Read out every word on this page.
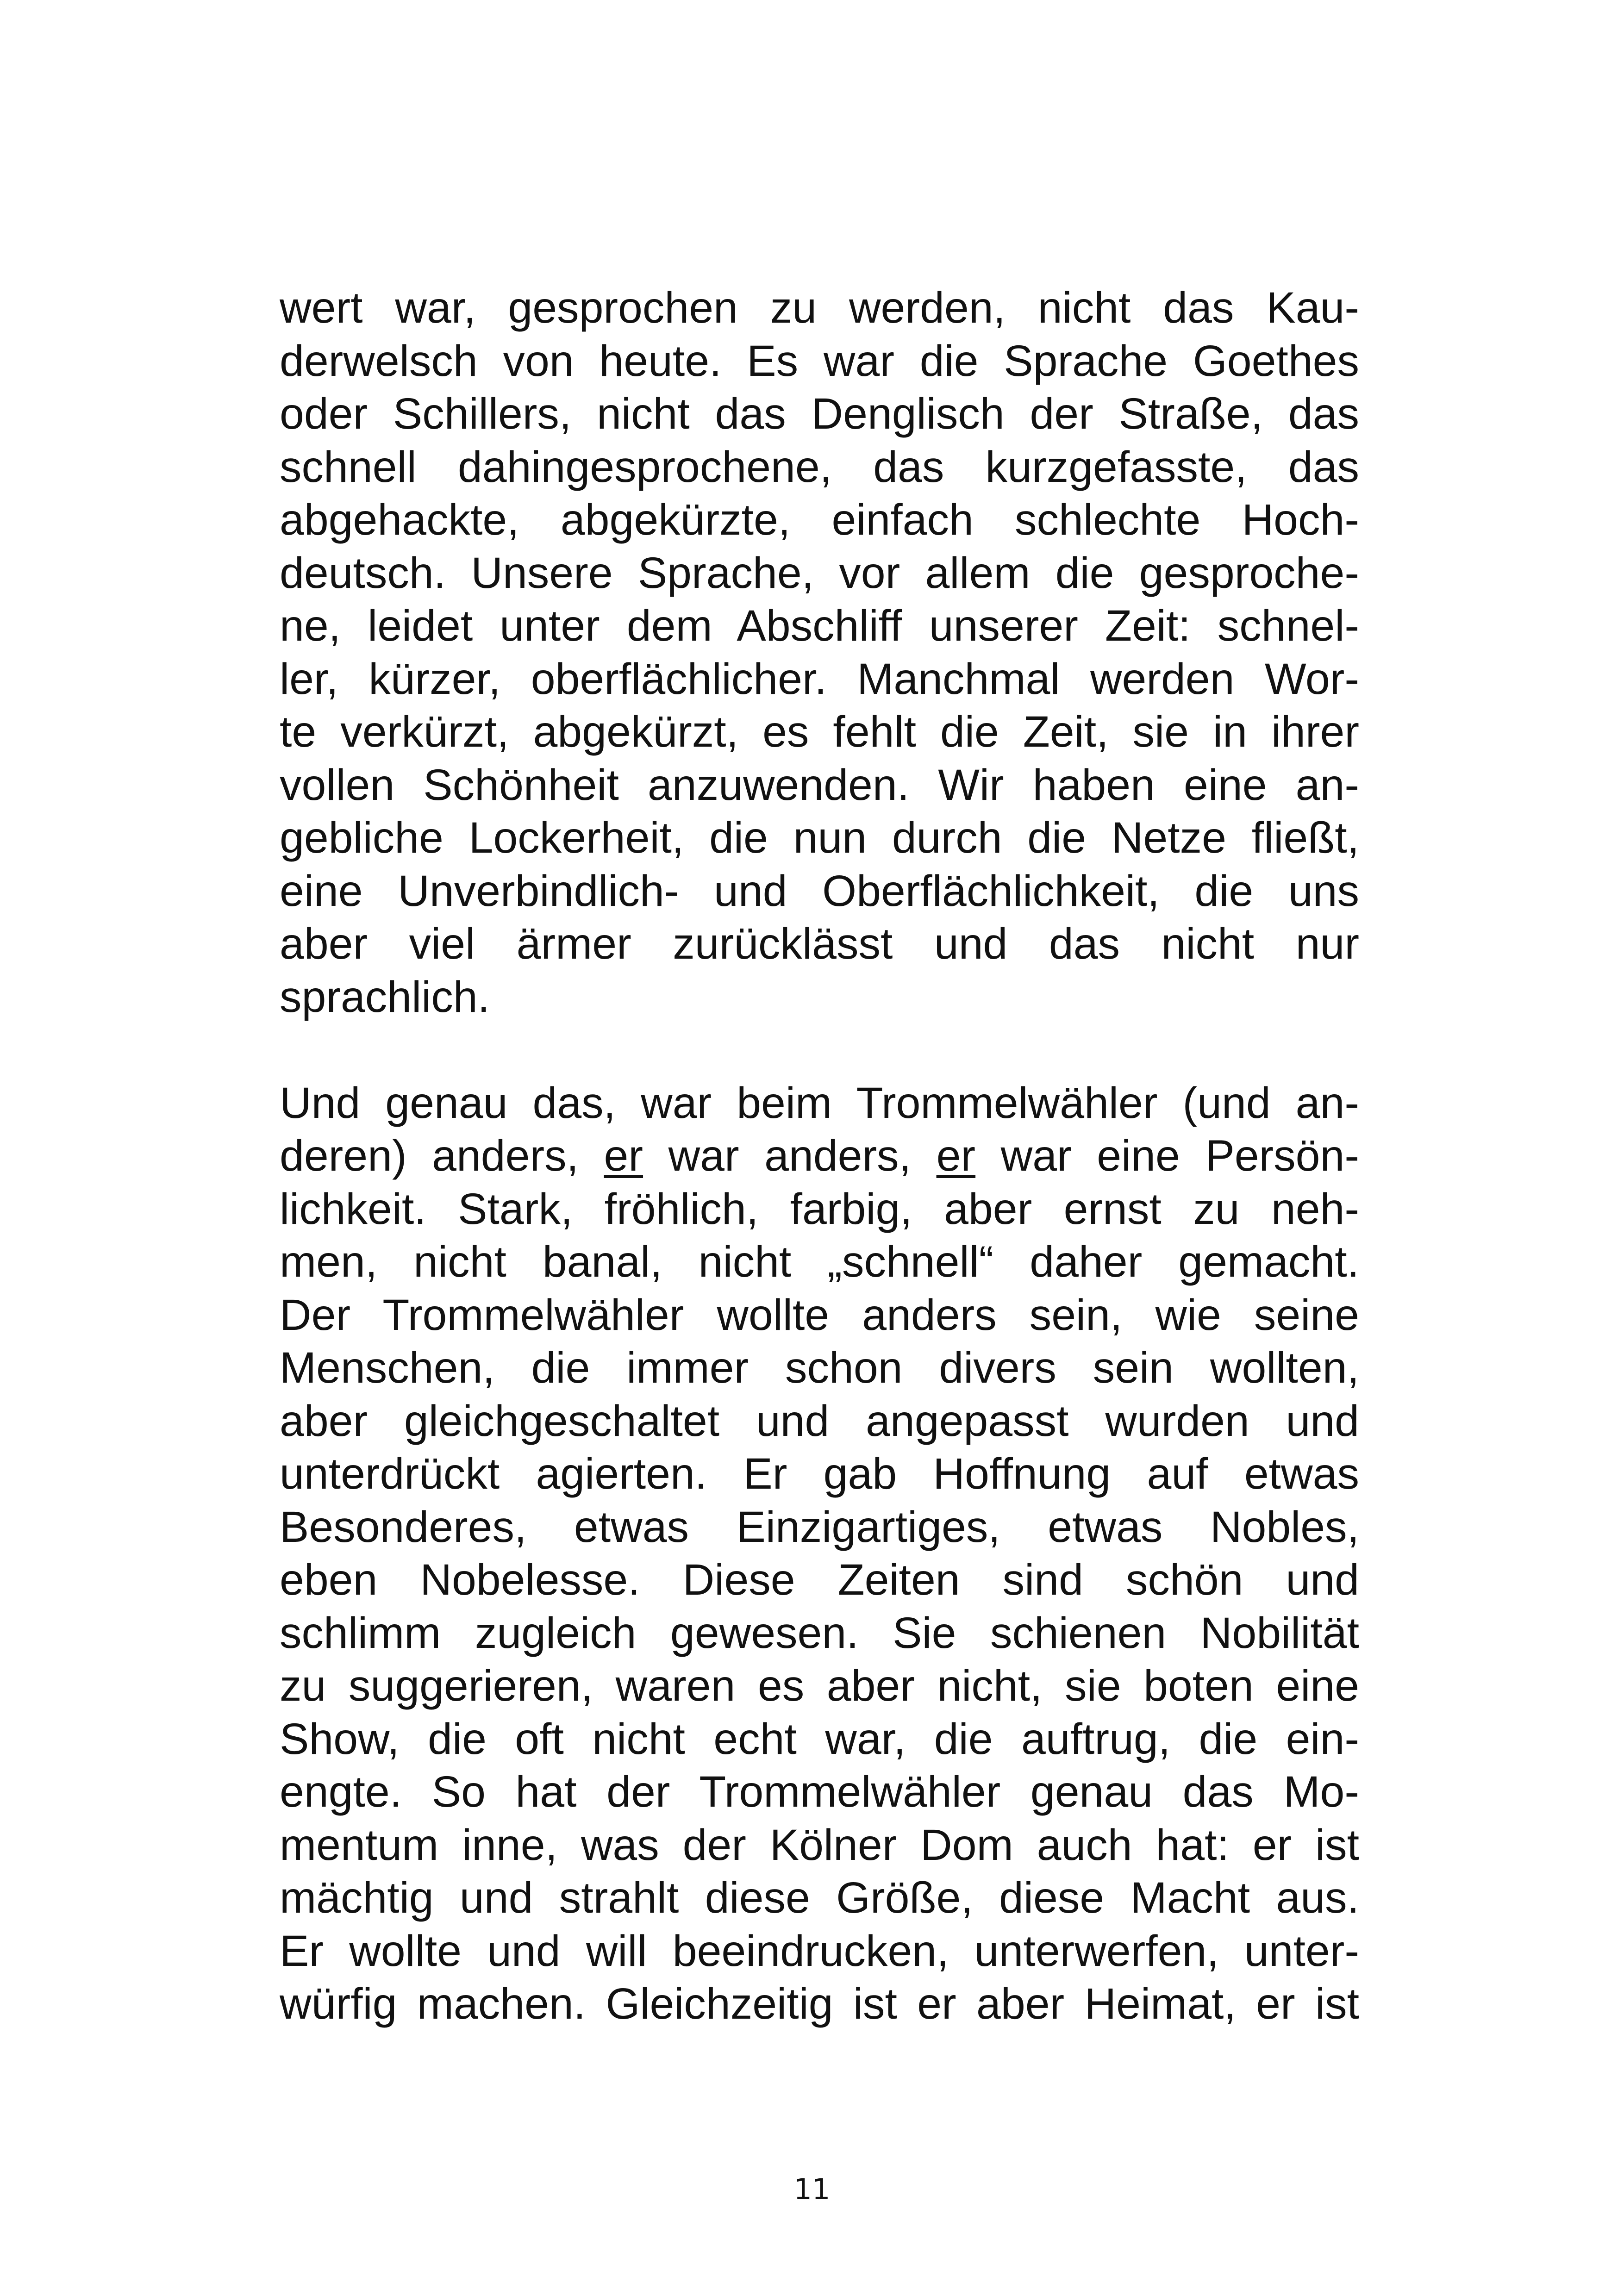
wert war, gesprochen zu werden, nicht das Kau-
derwelsch von heute. Es war die Sprache Goethes
oder Schillers, nicht das Denglisch der Straße, das
schnell dahingesprochene, das kurzgefasste, das
abgehackte, abgekürzte, einfach schlechte Hoch-
deutsch. Unsere Sprache, vor allem die gesproche-
ne, leidet unter dem Abschliff unserer Zeit: schnel-
ler, kürzer, oberflächlicher. Manchmal werden Wor-
te verkürzt, abgekürzt, es fehlt die Zeit, sie in ihrer
vollen Schönheit anzuwenden. Wir haben eine an-
gebliche Lockerheit, die nun durch die Netze fließt,
eine Unverbindlich- und Oberflächlichkeit, die uns
aber viel ärmer zurücklässt und das nicht nur
sprachlich.
Und genau das, war beim Trommelwähler (und an-
deren) anders, er war anders, er war eine Persön-
lichkeit. Stark, fröhlich, farbig, aber ernst zu neh-
men, nicht banal, nicht „schnell“ daher gemacht.
Der Trommelwähler wollte anders sein, wie seine
Menschen, die immer schon divers sein wollten,
aber gleichgeschaltet und angepasst wurden und
unterdrückt agierten. Er gab Hoffnung auf etwas
Besonderes, etwas Einzigartiges, etwas Nobles,
eben Nobelesse. Diese Zeiten sind schön und
schlimm zugleich gewesen. Sie schienen Nobilität
zu suggerieren, waren es aber nicht, sie boten eine
Show, die oft nicht echt war, die auftrug, die ein-
engte. So hat der Trommelwähler genau das Mo-
mentum inne, was der Kölner Dom auch hat: er ist
mächtig und strahlt diese Größe, diese Macht aus.
Er wollte und will beeindrucken, unterwerfen, unter-
würfig machen. Gleichzeitig ist er aber Heimat, er ist
11
